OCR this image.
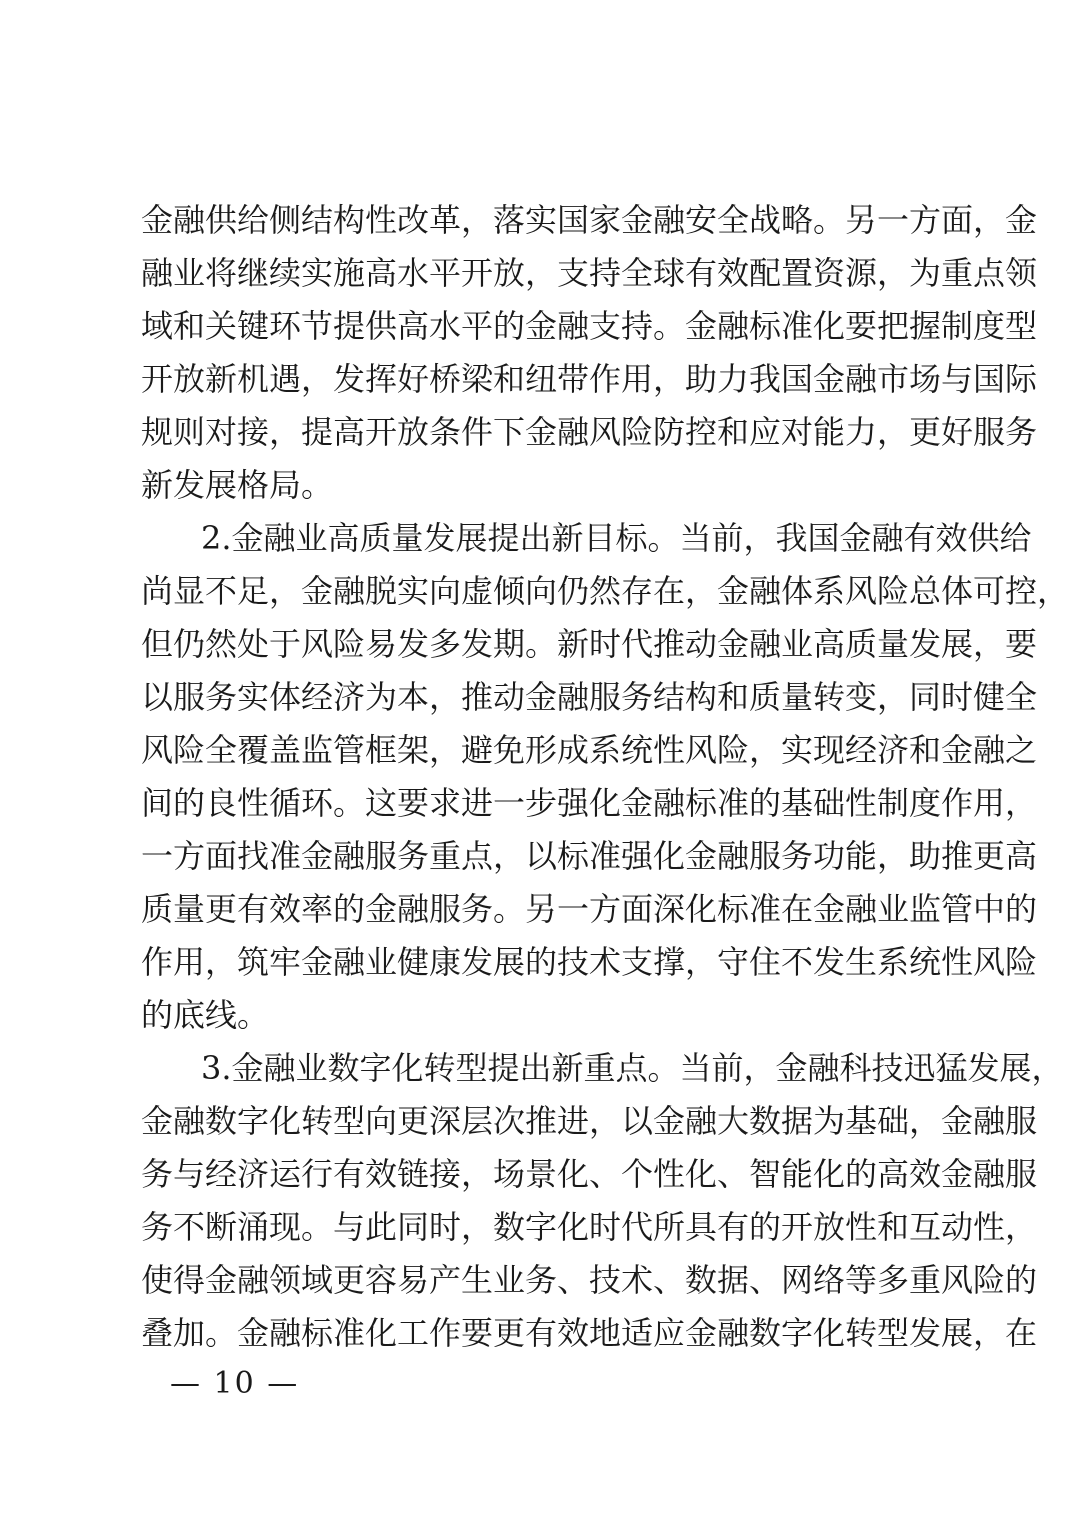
金融供给侧结构性改革，落实国家金融安全战略。另一方面，金
融业将继续实施高水平开放，支持全球有效配置资源，为重点领
域和关键环节提供高水平的金融支持。金融标准化要把握制度型
开放新机遇，发挥好桥梁和纽带作用，助力我国金融市场与国际
规则对接，提高开放条件下金融风险防控和应对能力，更好服务
新发展格局。
2.金融业高质量发展提出新目标。当前，我国金融有效供给
尚显不足，金融脱实向虚倾向仍然存在，金融体系风险总体可控，
但仍然处于风险易发多发期。新时代推动金融业高质量发展，要
以服务实体经济为本，推动金融服务结构和质量转变，同时健全
风险全覆盖监管框架，避免形成系统性风险，实现经济和金融之
间的良性循环。这要求进一步强化金融标准的基础性制度作用，
一方面找准金融服务重点，以标准强化金融服务功能，助推更高
质量更有效率的金融服务。另一方面深化标准在金融业监管中的
作用，筑牢金融业健康发展的技术支撑，守住不发生系统性风险
的底线。
3.金融业数字化转型提出新重点。当前，金融科技迅猛发展，
金融数字化转型向更深层次推进，以金融大数据为基础，金融服
务与经济运行有效链接，场景化、个性化、智能化的高效金融服
务不断涌现。与此同时，数字化时代所具有的开放性和互动性，
使得金融领域更容易产生业务、技术、数据、网络等多重风险的
叠加。金融标准化工作要更有效地适应金融数字化转型发展，在
— 10 —
